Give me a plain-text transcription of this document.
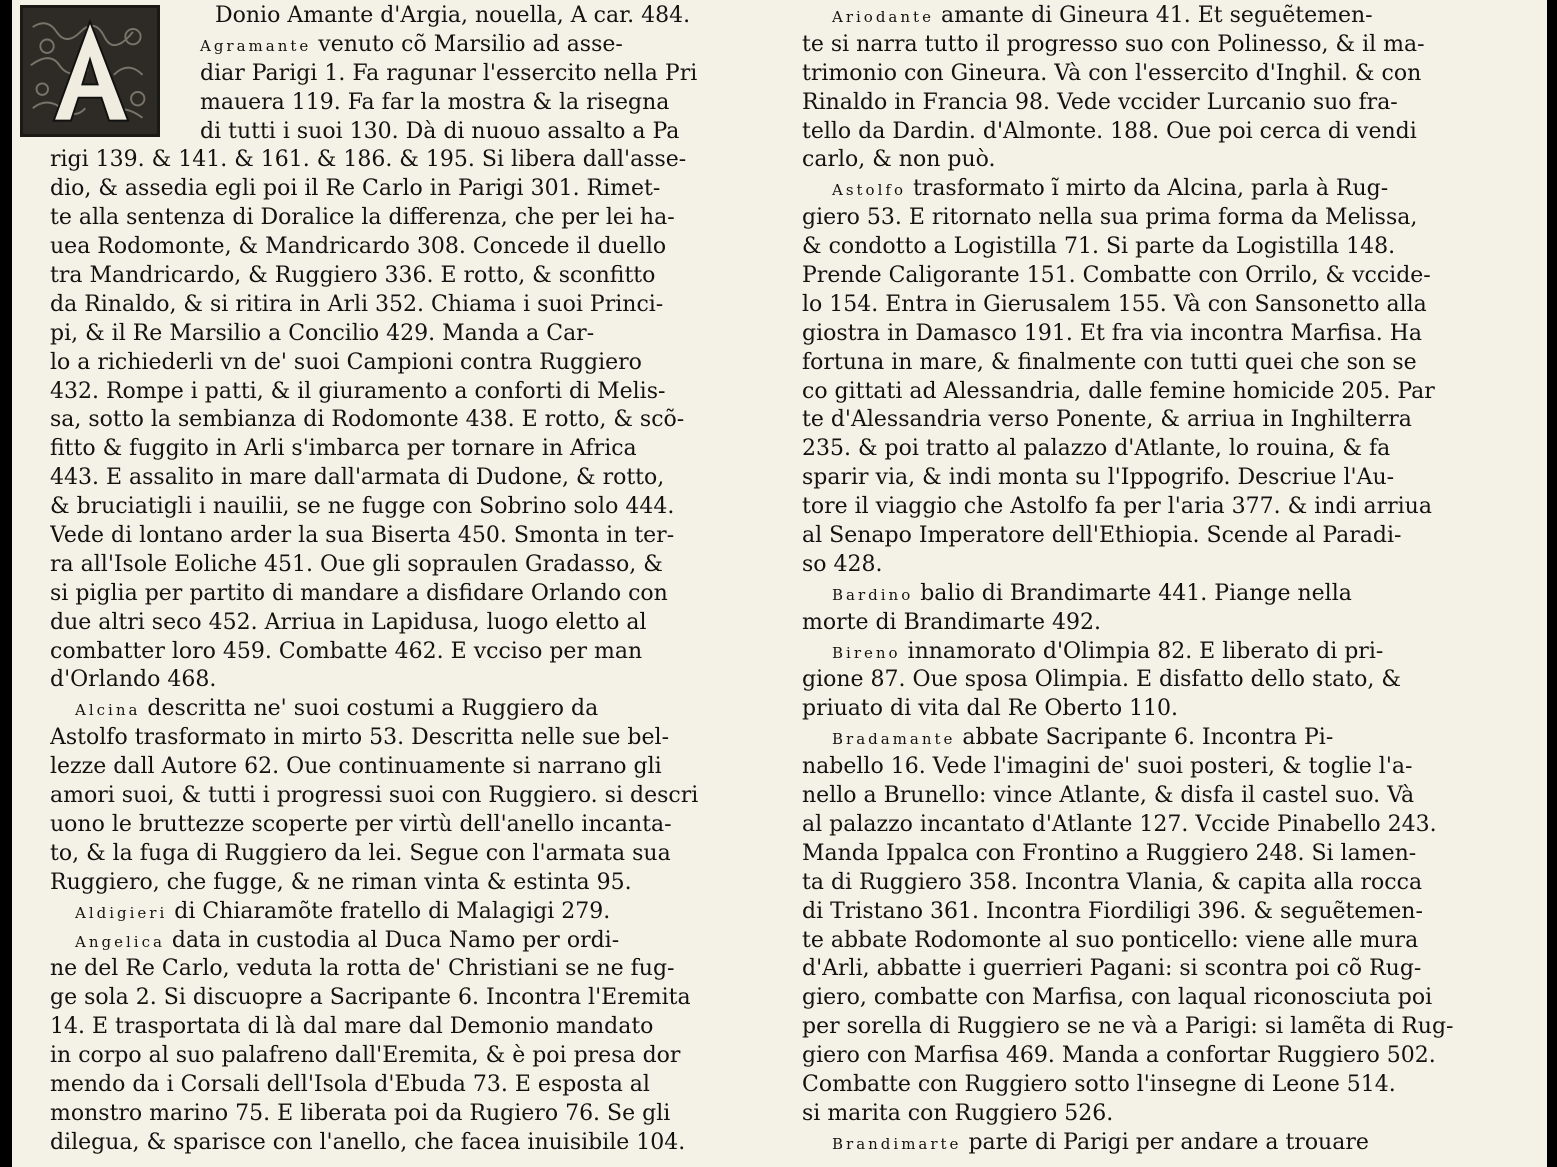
Donio Amante d'Argia, nouella, A car. 484.
Agramante venuto cõ Marsilio ad asse-
diar Parigi 1. Fa ragunar l'essercito nella Pri
mauera 119. Fa far la mostra & la risegna
di tutti i suoi 130. Dà di nuouo assalto a Pa
rigi 139. & 141. & 161. & 186. & 195. Si libera dall'asse-
dio, & assedia egli poi il Re Carlo in Parigi 301. Rimet-
te alla sentenza di Doralice la differenza, che per lei ha-
uea Rodomonte, & Mandricardo 308. Concede il duello
tra Mandricardo, & Ruggiero 336. E rotto, & sconfitto
da Rinaldo, & si ritira in Arli 352. Chiama i suoi Princi-
pi, & il Re Marsilio a Concilio 429. Manda a Car-
lo a richiederli vn de' suoi Campioni contra Ruggiero
432. Rompe i patti, & il giuramento a conforti di Melis-
sa, sotto la sembianza di Rodomonte 438. E rotto, & scõ-
fitto & fuggito in Arli s'imbarca per tornare in Africa
443. E assalito in mare dall'armata di Dudone, & rotto,
& bruciatigli i nauilii, se ne fugge con Sobrino solo 444.
Vede di lontano arder la sua Biserta 450. Smonta in ter-
ra all'Isole Eoliche 451. Oue gli sopraulen Gradasso, &
si piglia per partito di mandare a disfidare Orlando con
due altri seco 452. Arriua in Lapidusa, luogo eletto al
combatter loro 459. Combatte 462. E vcciso per man
d'Orlando 468.
Alcina descritta ne' suoi costumi a Ruggiero da
Astolfo trasformato in mirto 53. Descritta nelle sue bel-
lezze dall Autore 62. Oue continuamente si narrano gli
amori suoi, & tutti i progressi suoi con Ruggiero. si descri
uono le bruttezze scoperte per virtù dell'anello incanta-
to, & la fuga di Ruggiero da lei. Segue con l'armata sua
Ruggiero, che fugge, & ne riman vinta & estinta 95.
Aldigieri di Chiaramõte fratello di Malagigi 279.
Angelica data in custodia al Duca Namo per ordi-
ne del Re Carlo, veduta la rotta de' Christiani se ne fug-
ge sola 2. Si discuopre a Sacripante 6. Incontra l'Eremita
14. E trasportata di là dal mare dal Demonio mandato
in corpo al suo palafreno dall'Eremita, & è poi presa dor
mendo da i Corsali dell'Isola d'Ebuda 73. E esposta al
monstro marino 75. E liberata poi da Rugiero 76. Se gli
dilegua, & sparisce con l'anello, che facea inuisibile 104.
Ariodante amante di Gineura 41. Et seguẽtemen-
te si narra tutto il progresso suo con Polinesso, & il ma-
trimonio con Gineura. Và con l'essercito d'Inghil. & con
Rinaldo in Francia 98. Vede vccider Lurcanio suo fra-
tello da Dardin. d'Almonte. 188. Oue poi cerca di vendi
carlo, & non può.
Astolfo trasformato ĩ mirto da Alcina, parla à Rug-
giero 53. E ritornato nella sua prima forma da Melissa,
& condotto a Logistilla 71. Si parte da Logistilla 148.
Prende Caligorante 151. Combatte con Orrilo, & vccide-
lo 154. Entra in Gierusalem 155. Và con Sansonetto alla
giostra in Damasco 191. Et fra via incontra Marfisa. Ha
fortuna in mare, & finalmente con tutti quei che son se
co gittati ad Alessandria, dalle femine homicide 205. Par
te d'Alessandria verso Ponente, & arriua in Inghilterra
235. & poi tratto al palazzo d'Atlante, lo rouina, & fa
sparir via, & indi monta su l'Ippogrifo. Descriue l'Au-
tore il viaggio che Astolfo fa per l'aria 377. & indi arriua
al Senapo Imperatore dell'Ethiopia. Scende al Paradi-
so 428.
Bardino balio di Brandimarte 441. Piange nella
morte di Brandimarte 492.
Bireno innamorato d'Olimpia 82. E liberato di pri-
gione 87. Oue sposa Olimpia. E disfatto dello stato, &
priuato di vita dal Re Oberto 110.
Bradamante abbate Sacripante 6. Incontra Pi-
nabello 16. Vede l'imagini de' suoi posteri, & toglie l'a-
nello a Brunello: vince Atlante, & disfa il castel suo. Và
al palazzo incantato d'Atlante 127. Vccide Pinabello 243.
Manda Ippalca con Frontino a Ruggiero 248. Si lamen-
ta di Ruggiero 358. Incontra Vlania, & capita alla rocca
di Tristano 361. Incontra Fiordiligi 396. & seguẽtemen-
te abbate Rodomonte al suo ponticello: viene alle mura
d'Arli, abbatte i guerrieri Pagani: si scontra poi cõ Rug-
giero, combatte con Marfisa, con laqual riconosciuta poi
per sorella di Ruggiero se ne và a Parigi: si lamẽta di Rug-
giero con Marfisa 469. Manda a confortar Ruggiero 502.
Combatte con Ruggiero sotto l'insegne di Leone 514.
si marita con Ruggiero 526.
Brandimarte parte di Parigi per andare a trouare
